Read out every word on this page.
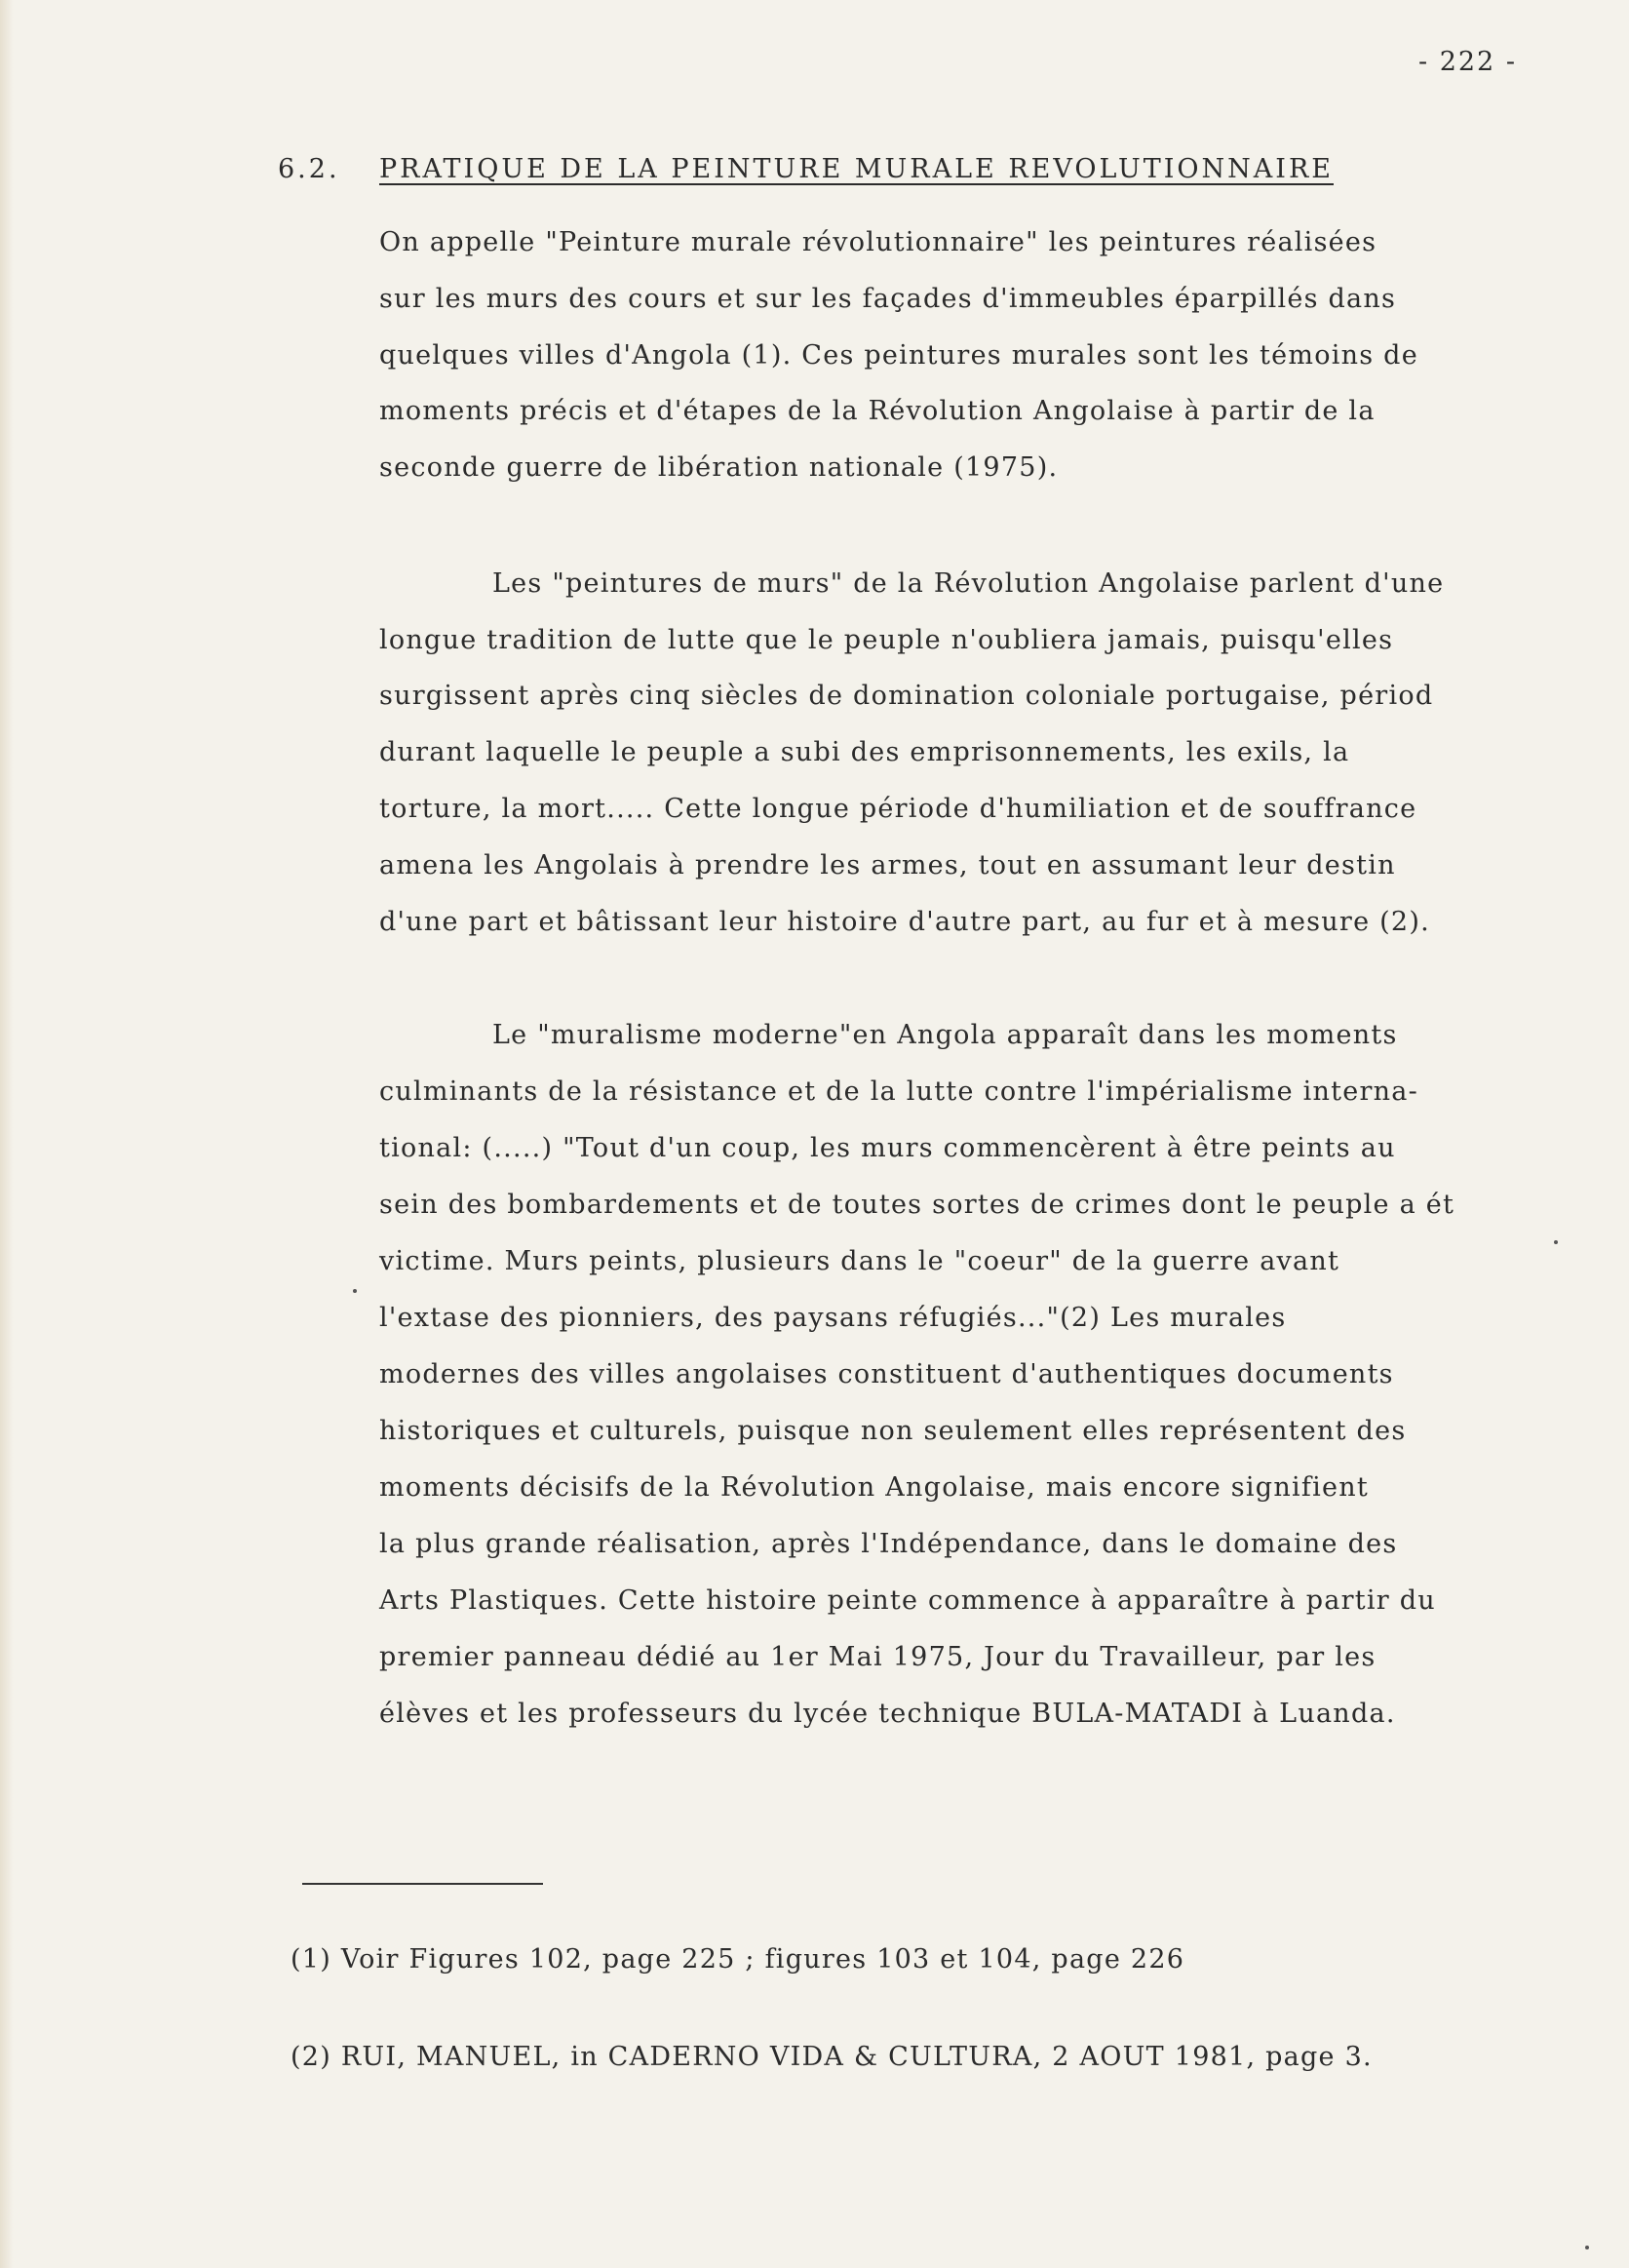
- 222 -
6.2. PRATIQUE DE LA PEINTURE MURALE REVOLUTIONNAIRE
On appelle "Peinture murale révolutionnaire" les peintures réalisées
sur les murs des cours et sur les façades d'immeubles éparpillés dans
quelques villes d'Angola (1). Ces peintures murales sont les témoins de
moments précis et d'étapes de la Révolution Angolaise à partir de la
seconde guerre de libération nationale (1975).
Les "peintures de murs" de la Révolution Angolaise parlent d'une
longue tradition de lutte que le peuple n'oubliera jamais, puisqu'elles
surgissent après cinq siècles de domination coloniale portugaise, périod
durant laquelle le peuple a subi des emprisonnements, les exils, la
torture, la mort..... Cette longue période d'humiliation et de souffrance
amena les Angolais à prendre les armes, tout en assumant leur destin
d'une part et bâtissant leur histoire d'autre part, au fur et à mesure (2).
Le "muralisme moderne"en Angola apparaît dans les moments
culminants de la résistance et de la lutte contre l'impérialisme interna-
tional: (.....) "Tout d'un coup, les murs commencèrent à être peints au
sein des bombardements et de toutes sortes de crimes dont le peuple a ét
victime. Murs peints, plusieurs dans le "coeur" de la guerre avant
l'extase des pionniers, des paysans réfugiés..."(2) Les murales
modernes des villes angolaises constituent d'authentiques documents
historiques et culturels, puisque non seulement elles représentent des
moments décisifs de la Révolution Angolaise, mais encore signifient
la plus grande réalisation, après l'Indépendance, dans le domaine des
Arts Plastiques. Cette histoire peinte commence à apparaître à partir du
premier panneau dédié au 1er Mai 1975, Jour du Travailleur, par les
élèves et les professeurs du lycée technique BULA-MATADI à Luanda.
(1) Voir Figures 102, page 225 ; figures 103 et 104, page 226
(2) RUI, MANUEL, in CADERNO VIDA & CULTURA, 2 AOUT 1981, page 3.
